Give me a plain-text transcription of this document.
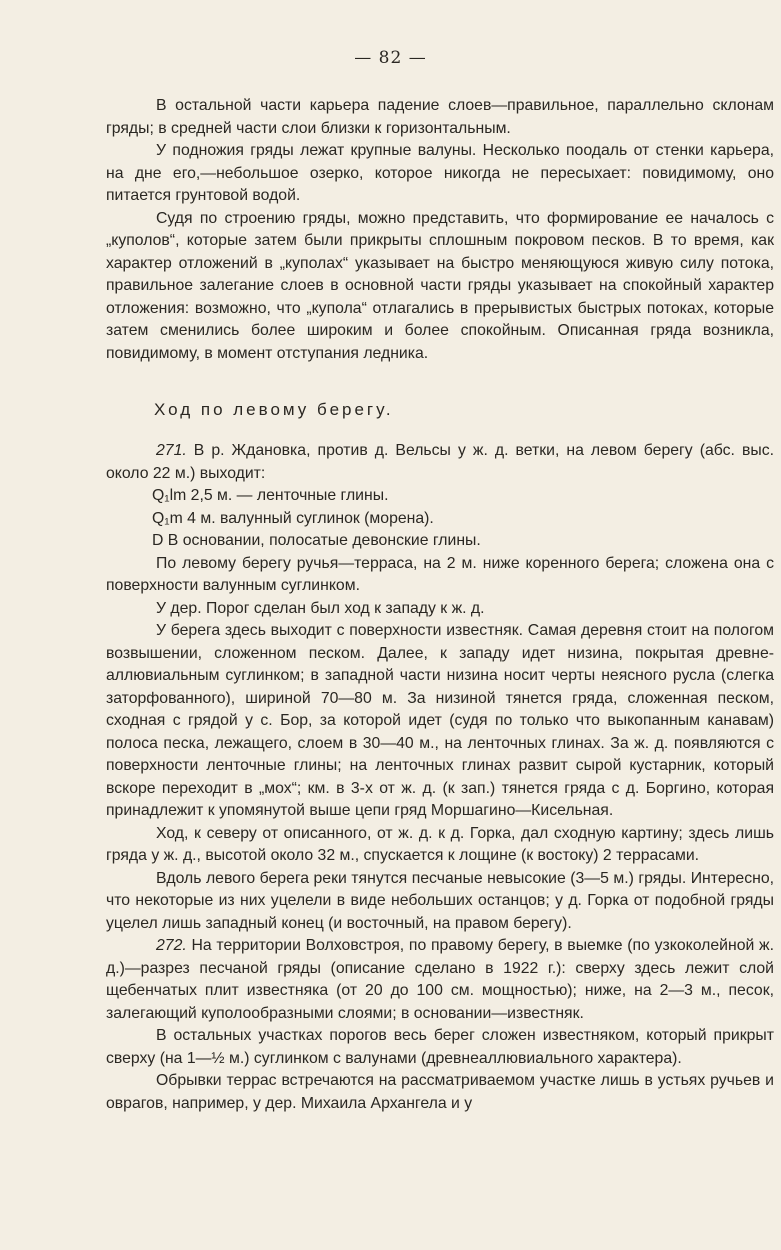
— 82 —

В остальной части карьера падение слоев—правильное, параллельно склонам гряды; в средней части слои близки к горизонтальным.

У подножия гряды лежат крупные валуны. Несколько поодаль от стенки карьера, на дне его,—небольшое озерко, которое никогда не пересыхает: повидимому, оно питается грунтовой водой.

Судя по строению гряды, можно представить, что формирование ее началось с „куполов“, которые затем были прикрыты сплошным покровом песков. В то время, как характер отложений в „куполах“ указывает на быстро меняющуюся живую силу потока, правильное залегание слоев в основной части гряды указывает на спокойный характер отложения: возможно, что „купола“ отлагались в прерывистых быстрых потоках, которые затем сменились более широким и более спокойным. Описанная гряда возникла, повидимому, в момент отступания ледника.

Ход по левому берегу.

271. В р. Ждановка, против д. Вельсы у ж. д. ветки, на левом берегу (абс. выс. около 22 м.) выходит:

Q₁lm 2,5 м. — ленточные глины.

Q₁m 4 м. валунный суглинок (морена).

D В основании, полосатые девонские глины.

По левому берегу ручья—терраса, на 2 м. ниже коренного берега; сложена она с поверхности валунным суглинком.

У дер. Порог сделан был ход к западу к ж. д.

У берега здесь выходит с поверхности известняк. Самая деревня стоит на пологом возвышении, сложенном песком. Далее, к западу идет низина, покрытая древне-аллювиальным суглинком; в западной части низина носит черты неясного русла (слегка заторфованного), шириной 70—80 м. За низиной тянется гряда, сложенная песком, сходная с грядой у с. Бор, за которой идет (судя по только что выкопанным канавам) полоса песка, лежащего, слоем в 30—40 м., на ленточных глинах. За ж. д. появляются с поверхности ленточные глины; на ленточных глинах развит сырой кустарник, который вскоре переходит в „мох“; км. в 3-х от ж. д. (к зап.) тянется гряда с д. Боргино, которая принадлежит к упомянутой выше цепи гряд Моршагино—Кисельная.

Ход, к северу от описанного, от ж. д. к д. Горка, дал сходную картину; здесь лишь гряда у ж. д., высотой около 32 м., спускается к лощине (к востоку) 2 террасами.

Вдоль левого берега реки тянутся песчаные невысокие (3—5 м.) гряды. Интересно, что некоторые из них уцелели в виде небольших останцов; у д. Горка от подобной гряды уцелел лишь западный конец (и восточный, на правом берегу).

272. На территории Волховстроя, по правому берегу, в выемке (по узкоколейной ж. д.)—разрез песчаной гряды (описание сделано в 1922 г.): сверху здесь лежит слой щебенчатых плит известняка (от 20 до 100 см. мощностью); ниже, на 2—3 м., песок, залегающий куполообразными слоями; в основании—известняк.

В остальных участках порогов весь берег сложен известняком, который прикрыт сверху (на 1—½ м.) суглинком с валунами (древнеаллювиального характера).

Обрывки террас встречаются на рассматриваемом участке лишь в устьях ручьев и оврагов, например, у дер. Михаила Архангела и у
